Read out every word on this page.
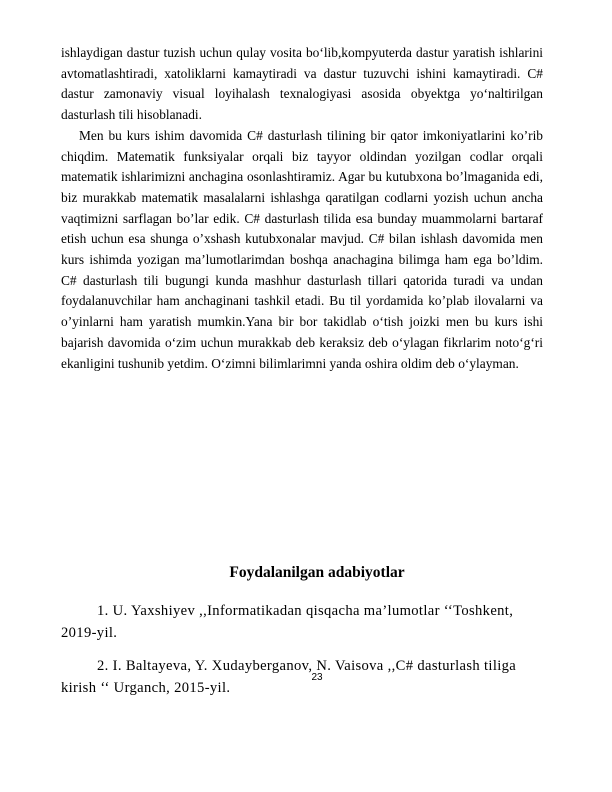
ishlaydigan dastur tuzish uchun qulay vosita bo‘lib,kompyuterda dastur yaratish ishlarini avtomatlashtiradi, xatoliklarni kamaytiradi va dastur tuzuvchi ishini kamaytiradi. C# dastur zamonaviy visual loyihalash texnalogiyasi asosida obyektga yo‘naltirilgan dasturlash tili hisoblanadi.

Men bu kurs ishim davomida C# dasturlash tilining bir qator imkoniyatlarini ko’rib chiqdim. Matematik funksiyalar orqali biz tayyor oldindan yozilgan codlar orqali matematik ishlarimizni anchagina osonlashtiramiz. Agar bu kutubxona bo’lmaganida edi, biz murakkab matematik masalalarni ishlashga qaratilgan codlarni yozish uchun ancha vaqtimizni sarflagan bo’lar edik. C# dasturlash tilida esa bunday muammolarni bartaraf etish uchun esa shunga o’xshash kutubxonalar mavjud. C# bilan ishlash davomida men kurs ishimda yozigan ma’lumotlarimdan boshqa anachagina bilimga ham ega bo’ldim. C# dasturlash tili bugungi kunda mashhur dasturlash tillari qatorida turadi va undan foydalanuvchilar ham anchaginani tashkil etadi. Bu til yordamida ko’plab ilovalarni va o’yinlarni ham yaratish mumkin.Yana bir bor takidlab o‘tish joizki men bu kurs ishi bajarish davomida o‘zim uchun murakkab deb keraksiz deb o‘ylagan fikrlarim noto‘g‘ri ekanligini tushunib yetdim. O‘zimni bilimlarimni yanda oshira oldim deb o‘ylayman.

Foydalanilgan adabiyotlar

1. U. Yaxshiyev ,,Informatikadan qisqacha ma’lumotlar ‘‘Toshkent, 2019-yil.

2. I. Baltayeva, Y. Xudayberganov, N. Vaisova ,,C# dasturlash tiliga kirish ‘‘ Urganch, 2015-yil.

23
